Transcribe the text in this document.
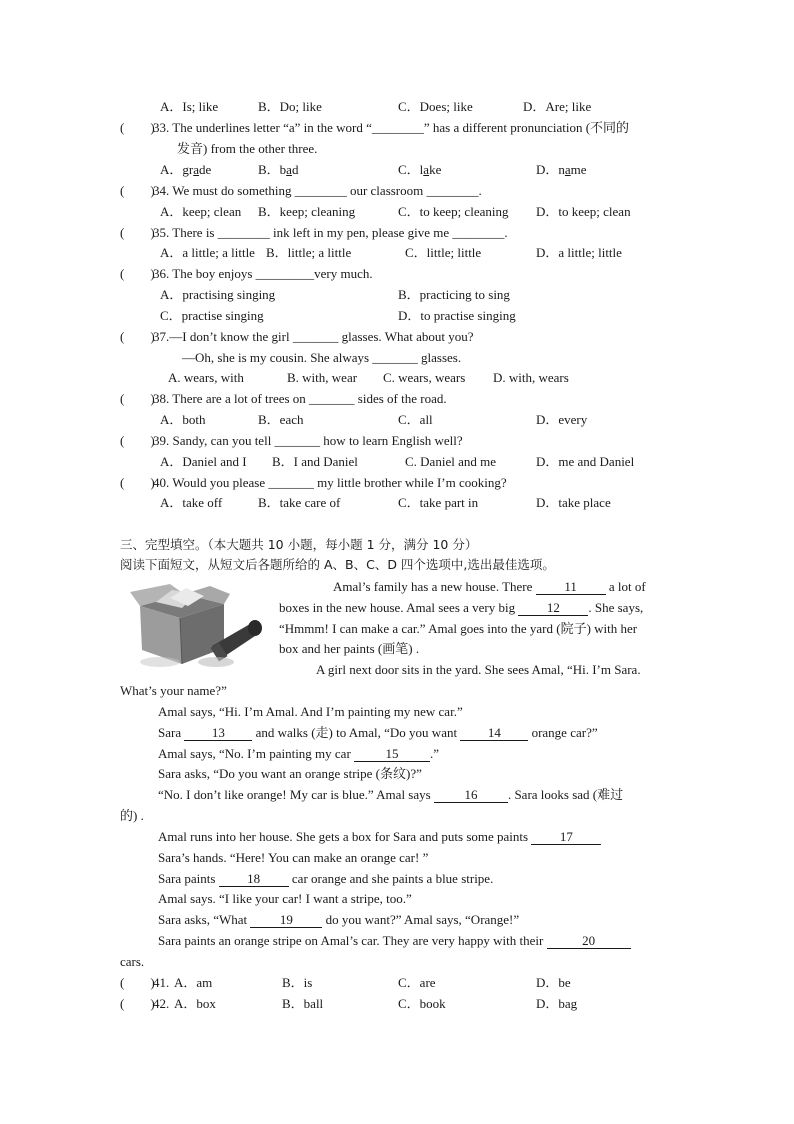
A．Is; like	B．Do; like	C．Does; like	D．Are; like
(　　)
33. The underlines letter “a” in the word “________” has a different pronunciation (不同的
发音) from the other three.
A．grade	B．bad	C．lake	D．name
(　　)
34. We must do something ________ our classroom ________.
A．keep; clean B．keep; cleaning	C．to keep; cleaning D．to keep; clean
(　　)
35. There is ________ ink left in my pen, please give me ________.
A．a little; a little B．little; a little	C．little; little	D．a little; little
(　　)
36. The boy enjoys _________very much.
A．practising singing	B．practicing to sing
C．practise singing	D．to practise singing
(　　)
37.—I don’t know the girl _______ glasses. What about you?
—Oh, she is my cousin. She always _______ glasses.
A. wears, with	B. with, wear C. wears, wears D. with, wears
(　　)
38. There are a lot of trees on _______ sides of the road.
A．both	B．each	C．all	D．every
(　　)
39. Sandy, can you tell _______ how to learn English well?
A．Daniel and I B．I and Daniel	C. Daniel and me	D．me and Daniel
(　　)
40. Would you please _______ my little brother while I’m cooking?
A．take off	B．take care of	C．take part in	D．take place
三、完型填空。（本大题共 10 小题，每小题 1 分，满分 10 分）
阅读下面短文，从短文后各题所给的 A、B、C、D 四个选项中,选出最佳选项。
Amal’s family has a new house. There 11 a lot of
boxes in the new house. Amal sees a very big 12 . She says,
“Hmmm! I can make a car.” Amal goes into the yard (院子) with her
box and her paints (画笔) .
A girl next door sits in the yard. She sees Amal, “Hi. I’m Sara.
What’s your name?”
Amal says, “Hi. I’m Amal. And I’m painting my new car.”
Sara 13 and walks (走) to Amal, “Do you want 14 orange car?”
Amal says, “No. I’m painting my car 15 .”
Sara asks, “Do you want an orange stripe (条纹)?”
“No. I don’t like orange! My car is blue.” Amal says 16 . Sara looks sad (难过
的) .
Amal runs into her house. She gets a box for Sara and puts some paints 17
Sara’s hands. “Here! You can make an orange car! ”
Sara paints 18 car orange and she paints a blue stripe.
Amal says. “I like your car! I want a stripe, too.”
Sara asks, “What 19 do you want?” Amal says, “Orange!”
Sara paints an orange stripe on Amal’s car. They are very happy with their	20
cars.
(　　)
41. A．am	B．is	C．are	D．be
(　　)
42. A．box	B．ball	C．book	D．bag
